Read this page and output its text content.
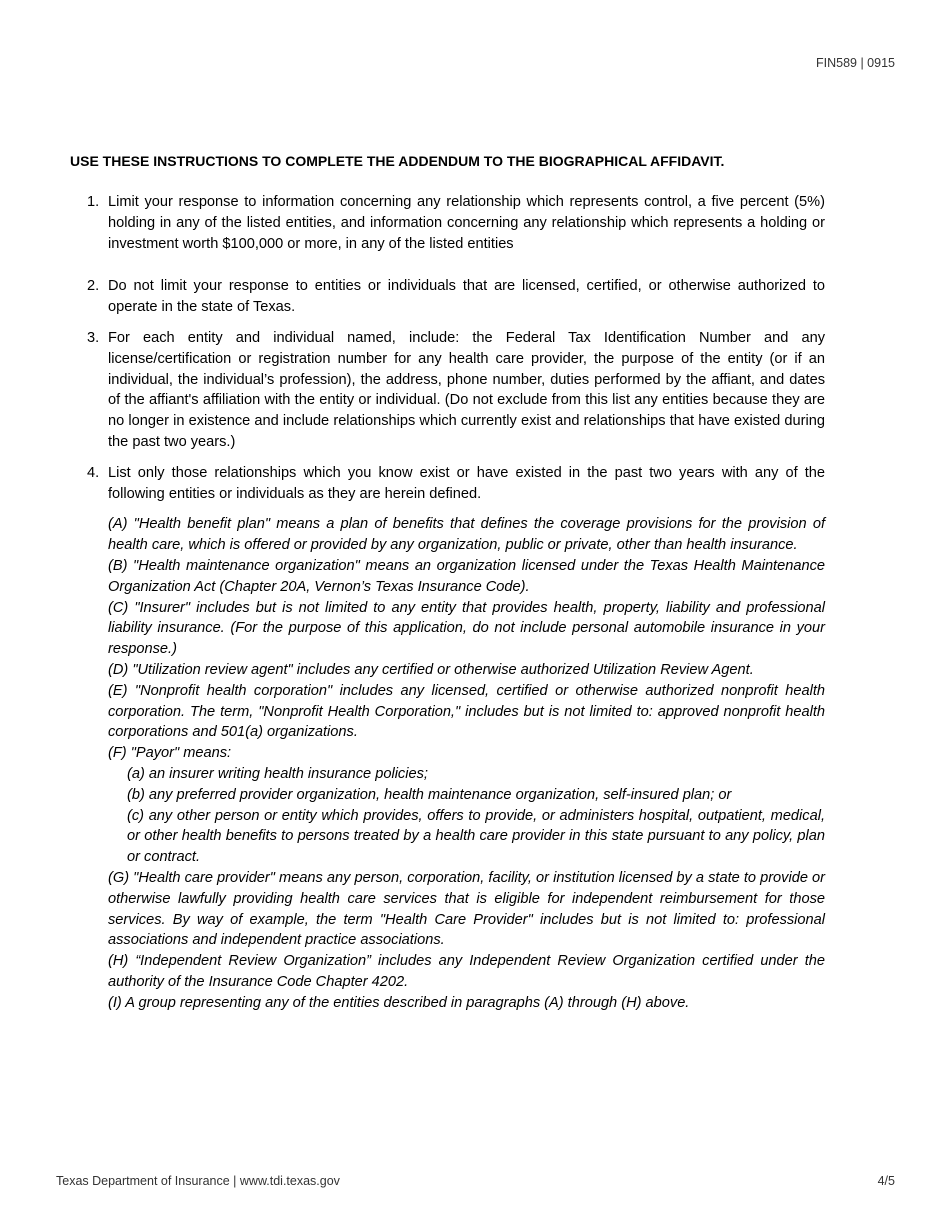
FIN589 | 0915
USE THESE INSTRUCTIONS TO COMPLETE THE ADDENDUM TO THE BIOGRAPHICAL AFFIDAVIT.
1. Limit your response to information concerning any relationship which represents control, a five percent (5%) holding in any of the listed entities, and information concerning any relationship which represents a holding or investment worth $100,000 or more, in any of the listed entities
2. Do not limit your response to entities or individuals that are licensed, certified, or otherwise authorized to operate in the state of Texas.
3. For each entity and individual named, include: the Federal Tax Identification Number and any license/certification or registration number for any health care provider, the purpose of the entity (or if an individual, the individual’s profession), the address, phone number, duties performed by the affiant, and dates of the affiant's affiliation with the entity or individual. (Do not exclude from this list any entities because they are no longer in existence and include relationships which currently exist and relationships that have existed during the past two years.)
4. List only those relationships which you know exist or have existed in the past two years with any of the following entities or individuals as they are herein defined.
(A) "Health benefit plan" means a plan of benefits that defines the coverage provisions for the provision of health care, which is offered or provided by any organization, public or private, other than health insurance.
(B) "Health maintenance organization" means an organization licensed under the Texas Health Maintenance Organization Act (Chapter 20A, Vernon’s Texas Insurance Code).
(C) "Insurer" includes but is not limited to any entity that provides health, property, liability and professional liability insurance. (For the purpose of this application, do not include personal automobile insurance in your response.)
(D) "Utilization review agent" includes any certified or otherwise authorized Utilization Review Agent.
(E) "Nonprofit health corporation" includes any licensed, certified or otherwise authorized nonprofit health corporation. The term, "Nonprofit Health Corporation," includes but is not limited to: approved nonprofit health corporations and 501(a) organizations.
(F) "Payor" means:
(a) an insurer writing health insurance policies;
(b) any preferred provider organization, health maintenance organization, self-insured plan; or
(c) any other person or entity which provides, offers to provide, or administers hospital, outpatient, medical, or other health benefits to persons treated by a health care provider in this state pursuant to any policy, plan or contract.
(G) "Health care provider" means any person, corporation, facility, or institution licensed by a state to provide or otherwise lawfully providing health care services that is eligible for independent reimbursement for those services. By way of example, the term "Health Care Provider" includes but is not limited to: professional associations and independent practice associations.
(H) “Independent Review Organization” includes any Independent Review Organization certified under the authority of the Insurance Code Chapter 4202.
(I) A group representing any of the entities described in paragraphs (A) through (H) above.
Texas Department of Insurance | www.tdi.texas.gov	4/5
